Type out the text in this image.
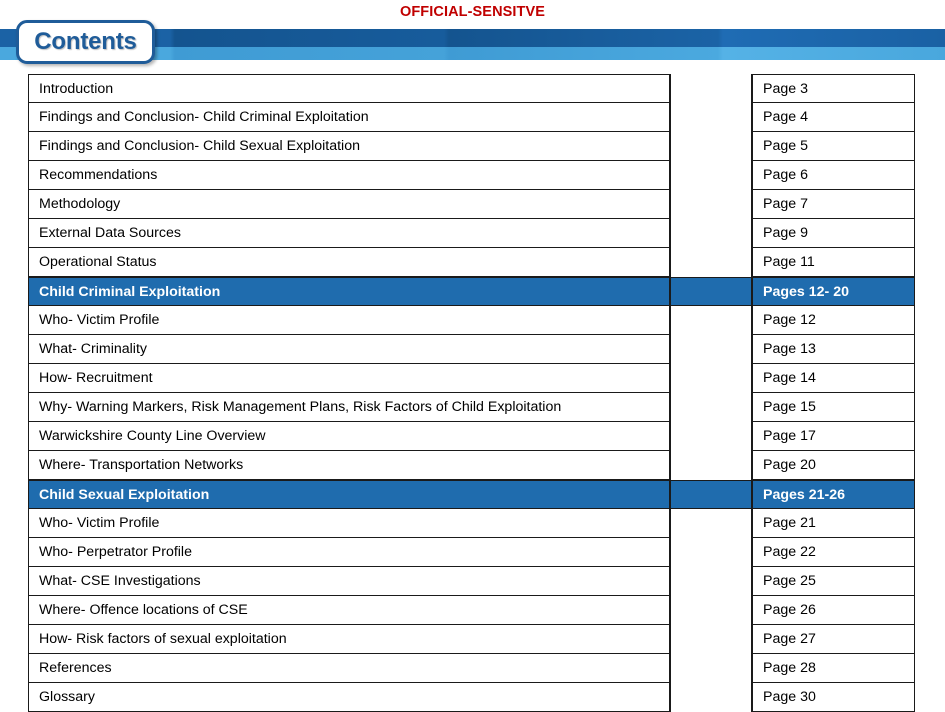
OFFICIAL-SENSITVE
Contents
Introduction	Page 3
Findings and Conclusion- Child Criminal Exploitation	Page 4
Findings and Conclusion- Child Sexual Exploitation	Page 5
Recommendations	Page 6
Methodology	Page 7
External Data Sources	Page 9
Operational Status	Page 11
Child Criminal Exploitation	Pages 12- 20
Who- Victim Profile	Page 12
What- Criminality	Page 13
How- Recruitment	Page 14
Why- Warning Markers, Risk Management Plans, Risk Factors of Child Exploitation	Page 15
Warwickshire County Line Overview	Page 17
Where- Transportation Networks	Page 20
Child Sexual Exploitation	Pages 21-26
Who- Victim Profile	Page 21
Who- Perpetrator Profile	Page 22
What- CSE Investigations	Page 25
Where- Offence locations of CSE	Page 26
How- Risk factors of sexual exploitation	Page 27
References	Page 28
Glossary	Page 30
